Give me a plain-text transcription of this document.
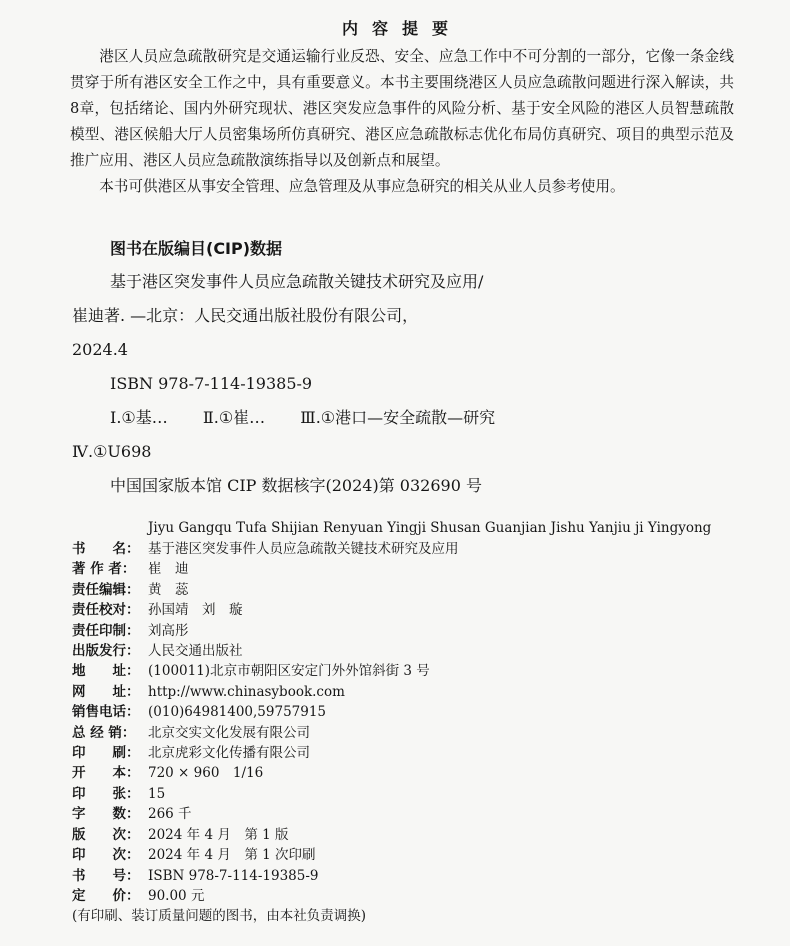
内容提要

港区人员应急疏散研究是交通运输行业反恐、安全、应急工作中不可分割的一部分，它像一条金线贯穿于所有港区安全工作之中，具有重要意义。本书主要围绕港区人员应急疏散问题进行深入解读，共8章，包括绪论、国内外研究现状、港区突发应急事件的风险分析、基于安全风险的港区人员智慧疏散模型、港区候船大厅人员密集场所仿真研究、港区应急疏散标志优化布局仿真研究、项目的典型示范及推广应用、港区人员应急疏散演练指导以及创新点和展望。

本书可供港区从事安全管理、应急管理及从事应急研究的相关从业人员参考使用。

图书在版编目(CIP)数据
基于港区突发事件人员应急疏散关键技术研究及应用/
崔迪著. —北京：人民交通出版社股份有限公司，
2024.4
ISBN 978-7-114-19385-9
Ⅰ.①基… Ⅱ.①崔… Ⅲ.①港口—安全疏散—研究
Ⅳ.①U698
中国国家版本馆 CIP 数据核字(2024)第 032690 号
Jiyu Gangqu Tufa Shijian Renyuan Yingji Shusan Guanjian Jishu Yanjiu ji Yingyong
书　　名： 基于港区突发事件人员应急疏散关键技术研究及应用
著 作 者： 崔　迪
责任编辑： 黄　蕊
责任校对： 孙国靖　刘　璇
责任印制： 刘高彤
出版发行： 人民交通出版社
地　　址： (100011)北京市朝阳区安定门外外馆斜街 3 号
网　　址： http://www.chinasybook.com
销售电话： (010)64981400,59757915
总 经 销： 北京交实文化发展有限公司
印　　刷： 北京虎彩文化传播有限公司
开　　本： 720 × 960　1/16
印　　张： 15
字　　数： 266 千
版　　次： 2024 年 4 月　第 1 版
印　　次： 2024 年 4 月　第 1 次印刷
书　　号： ISBN 978-7-114-19385-9
定　　价： 90.00 元
(有印刷、装订质量问题的图书，由本社负责调换)
